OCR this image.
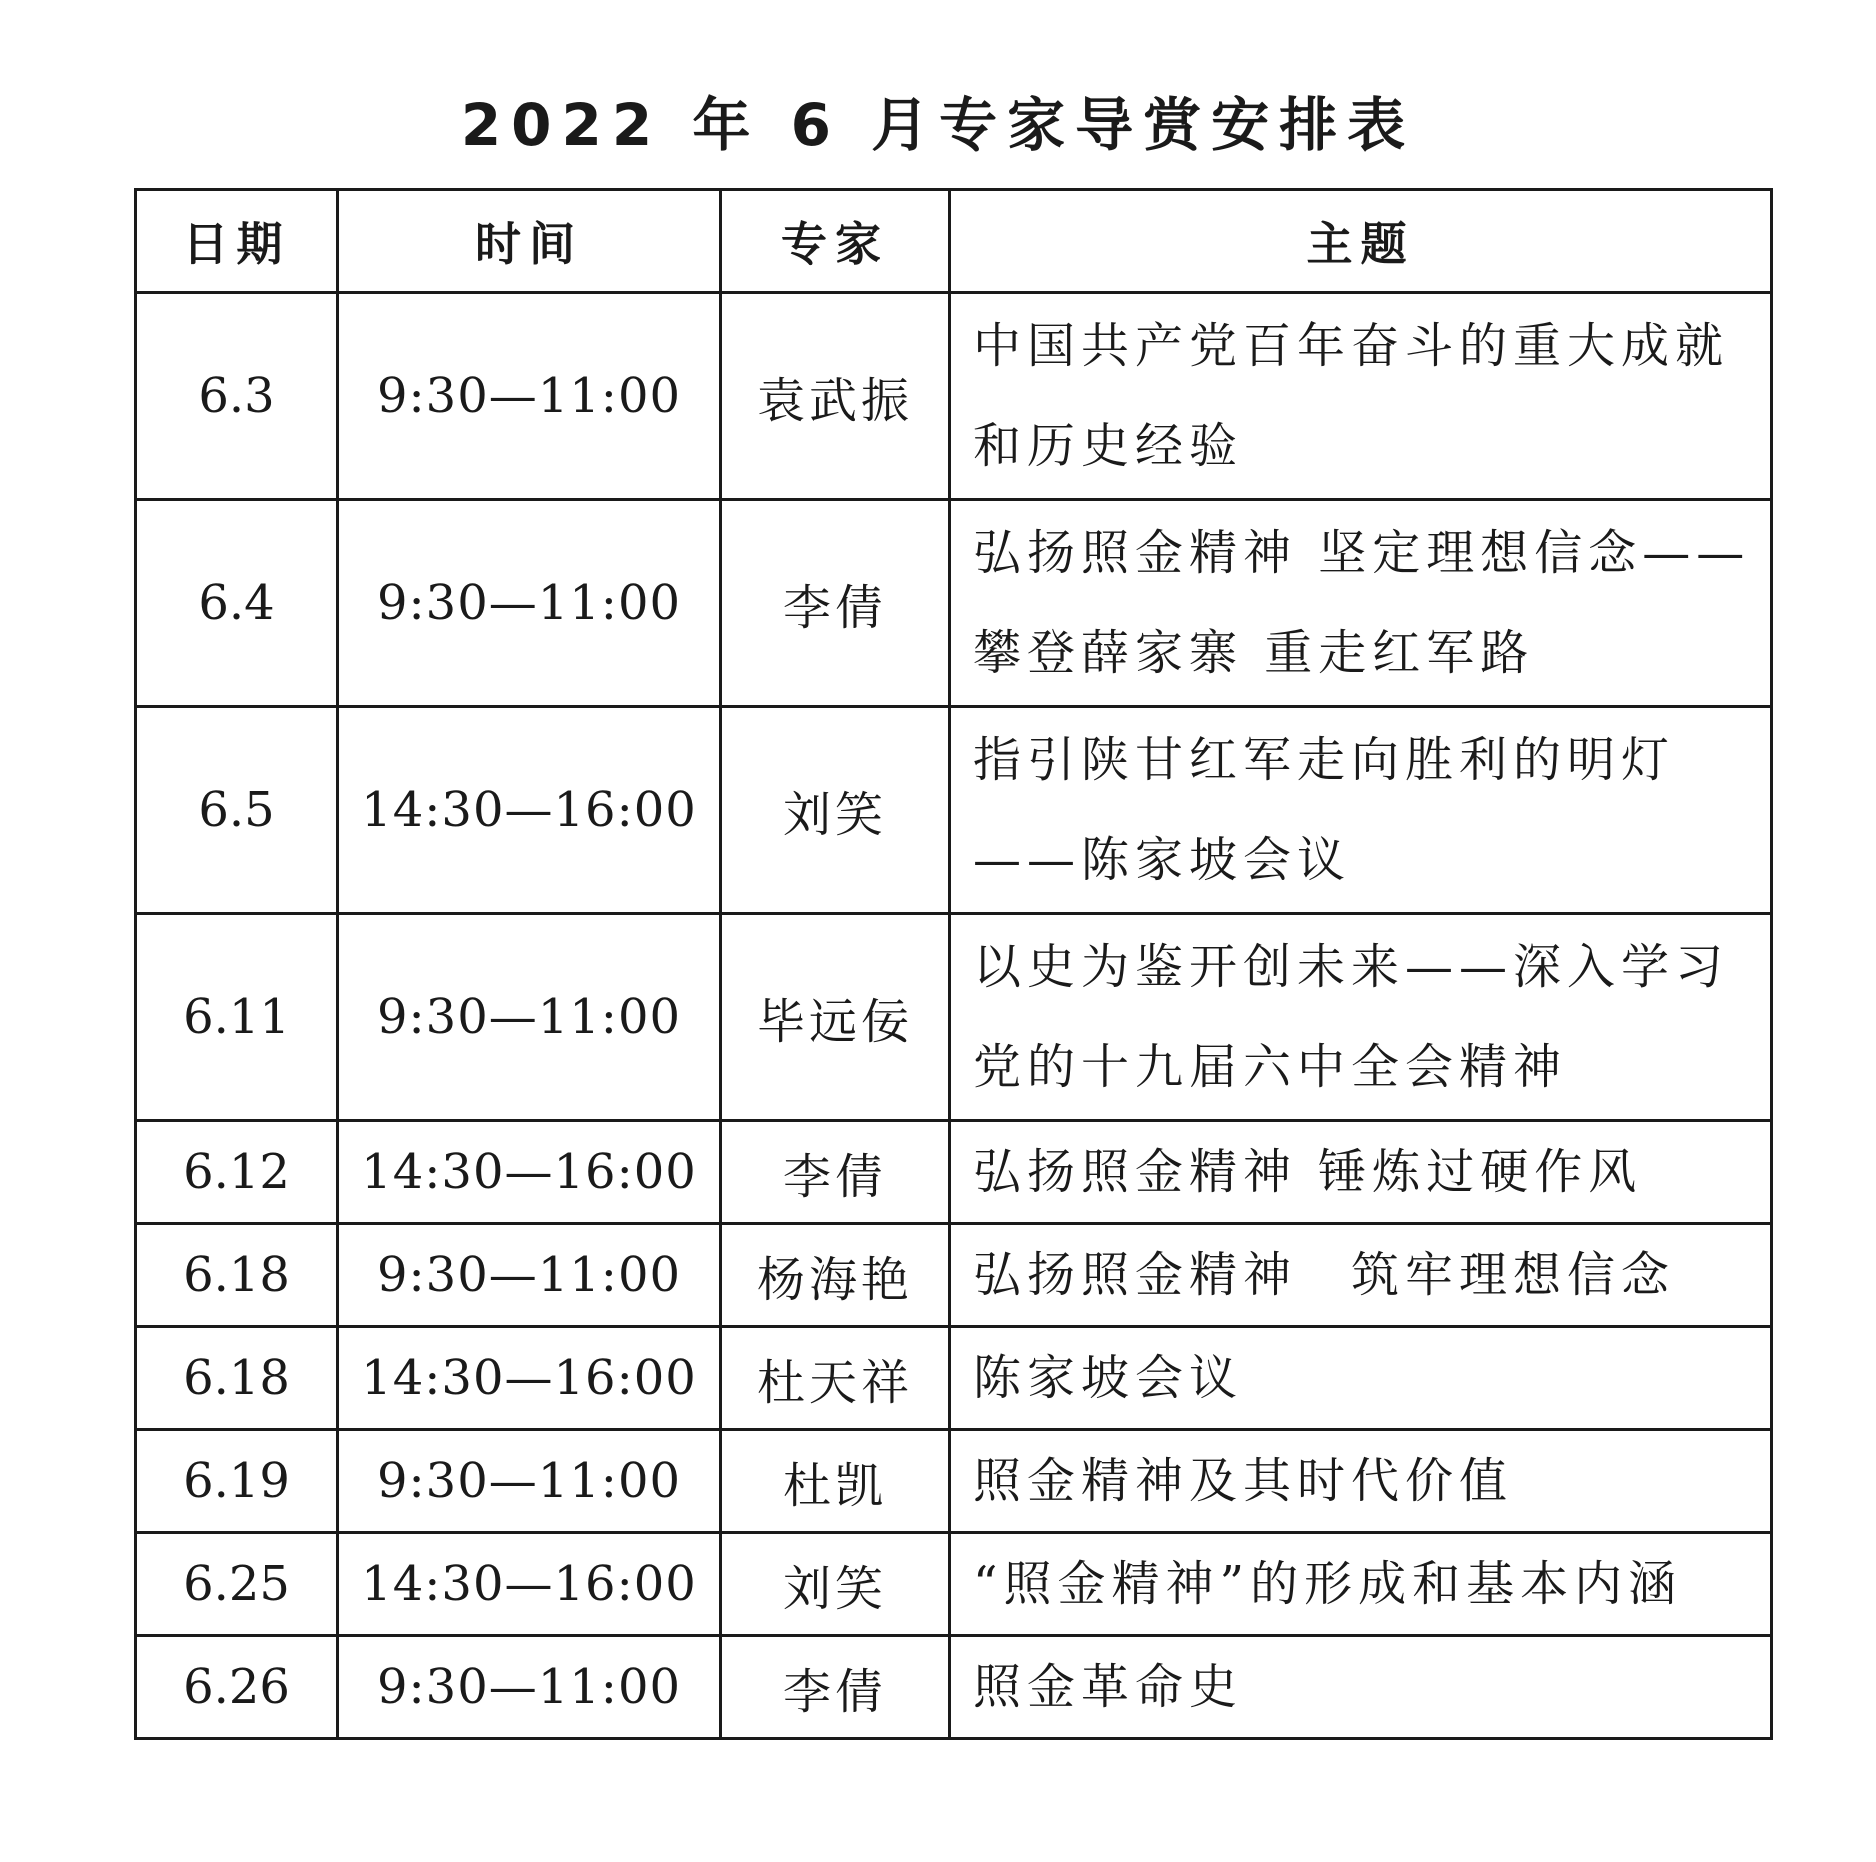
2022 年 6 月专家导赏安排表
日期	时间	专家	主题
6.3	9:30—11:00	袁武振	中国共产党百年奋斗的重大成就和历史经验
6.4	9:30—11:00	李倩	弘扬照金精神 坚定理想信念——攀登薛家寨 重走红军路
6.5	14:30—16:00	刘笑	指引陕甘红军走向胜利的明灯——陈家坡会议
6.11	9:30—11:00	毕远佞	以史为鉴开创未来——深入学习党的十九届六中全会精神
6.12	14:30—16:00	李倩	弘扬照金精神 锤炼过硬作风
6.18	9:30—11:00	杨海艳	弘扬照金精神　筑牢理想信念
6.18	14:30—16:00	杜天祥	陈家坡会议
6.19	9:30—11:00	杜凯	照金精神及其时代价值
6.25	14:30—16:00	刘笑	“照金精神”的形成和基本内涵
6.26	9:30—11:00	李倩	照金革命史
